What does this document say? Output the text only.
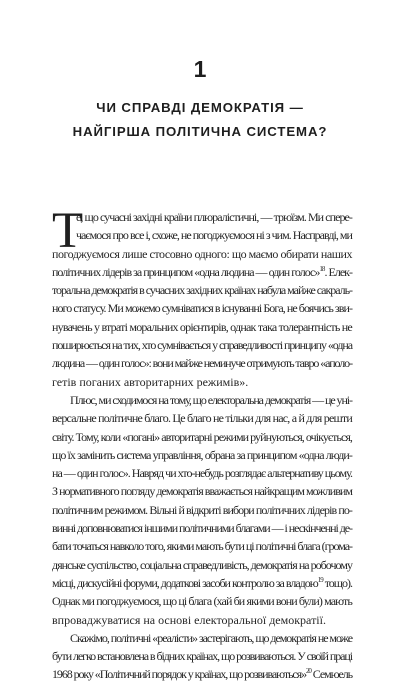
1
ЧИ СПРАВДІ ДЕМОКРАТІЯ —
НАЙГІРША ПОЛІТИЧНА СИСТЕМА?
Т
е, що сучасні західні країни плюралістичні, — трюїзм. Ми сперe-
чаємося про все і, схоже, не погоджуємося ні з чим. Насправді, ми
погоджуємося лише стосовно одного: що маємо обирати наших
політичних лідерів за принципом «одна людина — один голос»$^{18}$. Елек-
торальна демократія в сучасних західних країнах набула майже сакраль-
ного статусу. Ми можемо сумніватися в існуванні Бога, не боячись зви-
нувачень у втраті моральних орієнтирів, однак така толерантність не
поширюється на тих, хто сумнівається у справедливості принципу «одна
людина — один голос»: вони майже неминуче отримують тавро «аполо-
гетів поганих авторитарних режимів».
Плюс, ми сходимося на тому, що електоральна демократія — це уні-
версальне політичне благо. Це благо не тільки для нас, а й для решти
світу. Тому, коли «погані» авторитарні режими руйнуються, очікується,
що їх замінить система управління, обрана за принципом «одна люди-
на — один голос». Навряд чи хто-небудь розглядає альтернативу цьому.
З нормативного погляду демократія вважається найкращим можливим
політичним режимом. Вільні й відкриті вибори політичних лідерів по-
винні доповнюватися іншими політичними благами — і нескінченні де-
бати точаться навколо того, якими мають бути ці політичні блага (грома-
дянське суспільство, соціальна справедливість, демократія на робочому
місці, дискусійні форуми, додаткові засоби контролю за владою$^{19}$ тощо).
Однак ми погоджуємося, що ці блага (хай би якими вони були) мають
впроваджуватися на основі електоральної демократії.
Скажімо, політичні «реалісти» застерігають, що демократія не може
бути легко встановлена в бідних країнах, що розвиваються. У своїй праці
1968 року «Політичний порядок у країнах, що розвиваються»$^{20}$ Семюель
